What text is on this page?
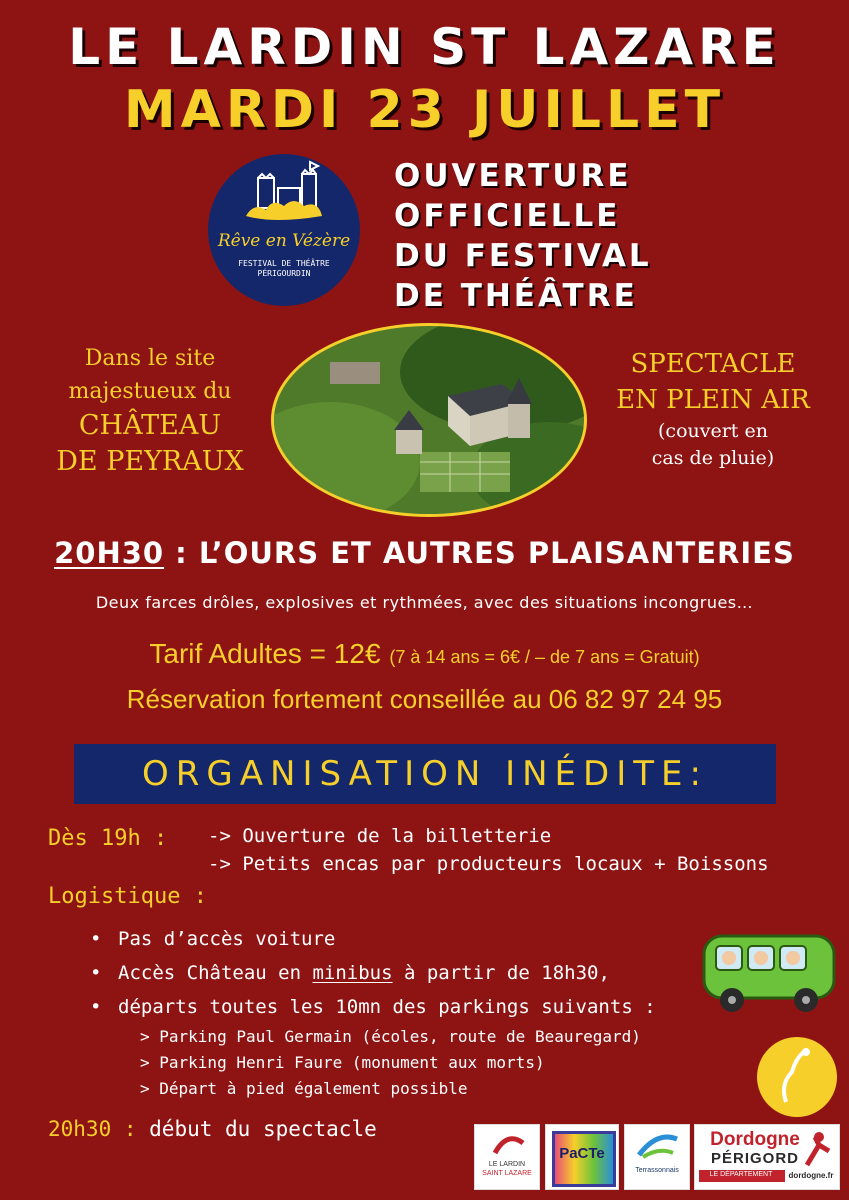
LE LARDIN ST LAZARE
MARDI 23 JUILLET
Rêve en Vézère
FESTIVAL DE THÉÂTRE
PÉRIGOURDIN
OUVERTURE
OFFICIELLE
DU FESTIVAL
DE THÉÂTRE
Dans le site
majestueux du
CHÂTEAU
DE PEYRAUX
SPECTACLE
EN PLEIN AIR
(couvert en
cas de pluie)
20H30 : L’OURS ET AUTRES PLAISANTERIES
Deux farces drôles, explosives et rythmées, avec des situations incongrues…
Tarif Adultes = 12€ (7 à 14 ans = 6€ / – de 7 ans = Gratuit)
Réservation fortement conseillée au 06 82 97 24 95
ORGANISATION INÉDITE:
Dès 19h : -> Ouverture de la billetterie
-> Petits encas par producteurs locaux + Boissons
Logistique :
• Pas d’accès voiture
• Accès Château en minibus à partir de 18h30,
• départs toutes les 10mn des parkings suivants :
> Parking Paul Germain (écoles, route de Beauregard)
> Parking Henri Faure (monument aux morts)
> Départ à pied également possible
20h30 : début du spectacle
LE LARDIN
SAINT LAZARE
PaCTe
Terrassonnais
Dordogne
PÉRIGORD
LE DÉPARTEMENT	dordogne.fr
